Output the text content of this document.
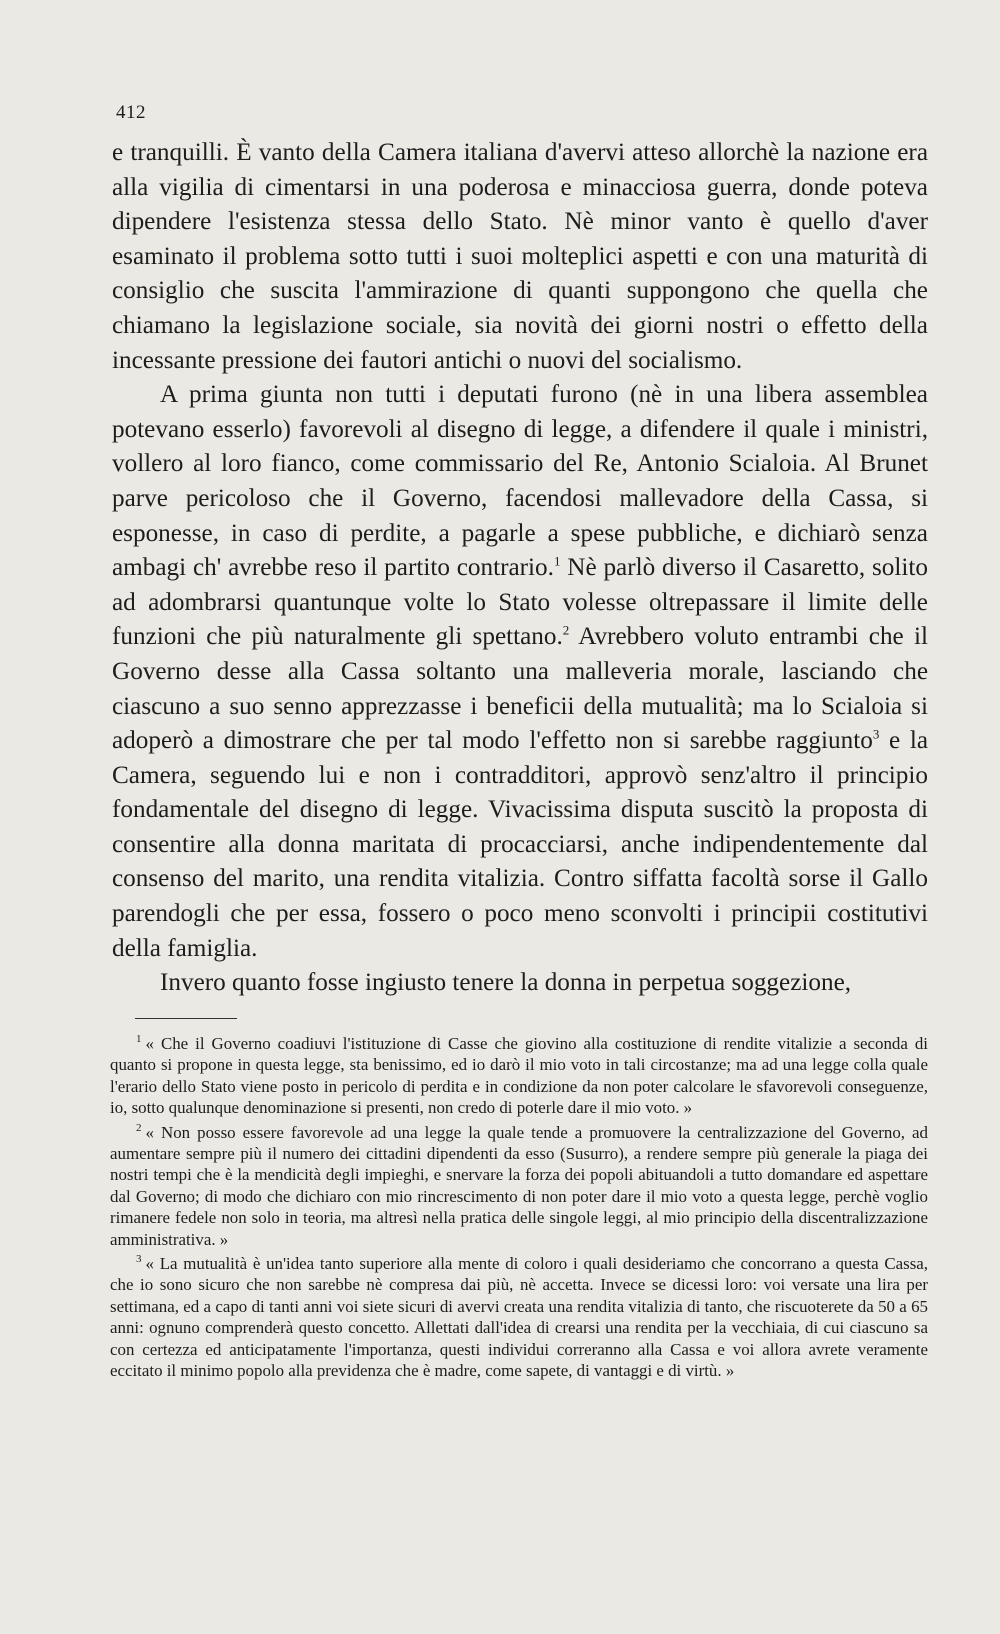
412

e tranquilli. È vanto della Camera italiana d'avervi atteso allorchè la nazione era alla vigilia di cimentarsi in una poderosa e minacciosa guerra, donde poteva dipendere l'esistenza stessa dello Stato. Nè minor vanto è quello d'aver esaminato il problema sotto tutti i suoi molteplici aspetti e con una maturità di consiglio che suscita l'ammirazione di quanti suppongono che quella che chiamano la legislazione sociale, sia novità dei giorni nostri o effetto della incessante pressione dei fautori antichi o nuovi del socialismo.

A prima giunta non tutti i deputati furono (nè in una libera assemblea potevano esserlo) favorevoli al disegno di legge, a difendere il quale i ministri, vollero al loro fianco, come commissario del Re, Antonio Scialoia. Al Brunet parve pericoloso che il Governo, facendosi mallevadore della Cassa, si esponesse, in caso di perdite, a pagarle a spese pubbliche, e dichiarò senza ambagi ch' avrebbe reso il partito contrario.$^1$ Nè parlò diverso il Casaretto, solito ad adombrarsi quantunque volte lo Stato volesse oltrepassare il limite delle funzioni che più naturalmente gli spettano.$^2$ Avrebbero voluto entrambi che il Governo desse alla Cassa soltanto una malleveria morale, lasciando che ciascuno a suo senno apprezzasse i beneficii della mutualità; ma lo Scialoia si adoperò a dimostrare che per tal modo l'effetto non si sarebbe raggiunto$^3$ e la Camera, seguendo lui e non i contradditori, approvò senz'altro il principio fondamentale del disegno di legge. Vivacissima disputa suscitò la proposta di consentire alla donna maritata di procacciarsi, anche indipendentemente dal consenso del marito, una rendita vitalizia. Contro siffatta facoltà sorse il Gallo parendogli che per essa, fossero o poco meno sconvolti i principii costitutivi della famiglia.

Invero quanto fosse ingiusto tenere la donna in perpetua soggezione,

$^1$ « Che il Governo coadiuvi l'istituzione di Casse che giovino alla costituzione di rendite vitalizie a seconda di quanto si propone in questa legge, sta benissimo, ed io darò il mio voto in tali circostanze; ma ad una legge colla quale l'erario dello Stato viene posto in pericolo di perdita e in condizione da non poter calcolare le sfavorevoli conseguenze, io, sotto qualunque denominazione si presenti, non credo di poterle dare il mio voto. »

$^2$ « Non posso essere favorevole ad una legge la quale tende a promuovere la centralizzazione del Governo, ad aumentare sempre più il numero dei cittadini dipendenti da esso (Susurro), a rendere sempre più generale la piaga dei nostri tempi che è la mendicità degli impieghi, e snervare la forza dei popoli abituandoli a tutto domandare ed aspettare dal Governo; di modo che dichiaro con mio rincrescimento di non poter dare il mio voto a questa legge, perchè voglio rimanere fedele non solo in teoria, ma altresì nella pratica delle singole leggi, al mio principio della discentralizzazione amministrativa. »

$^3$ « La mutualità è un'idea tanto superiore alla mente di coloro i quali desideriamo che concorrano a questa Cassa, che io sono sicuro che non sarebbe nè compresa dai più, nè accetta. Invece se dicessi loro: voi versate una lira per settimana, ed a capo di tanti anni voi siete sicuri di avervi creata una rendita vitalizia di tanto, che riscuoterete da 50 a 65 anni: ognuno comprenderà questo concetto. Allettati dall'idea di crearsi una rendita per la vecchiaia, di cui ciascuno sa con certezza ed anticipatamente l'importanza, questi individui correranno alla Cassa e voi allora avrete veramente eccitato il minimo popolo alla previdenza che è madre, come sapete, di vantaggi e di virtù. »
